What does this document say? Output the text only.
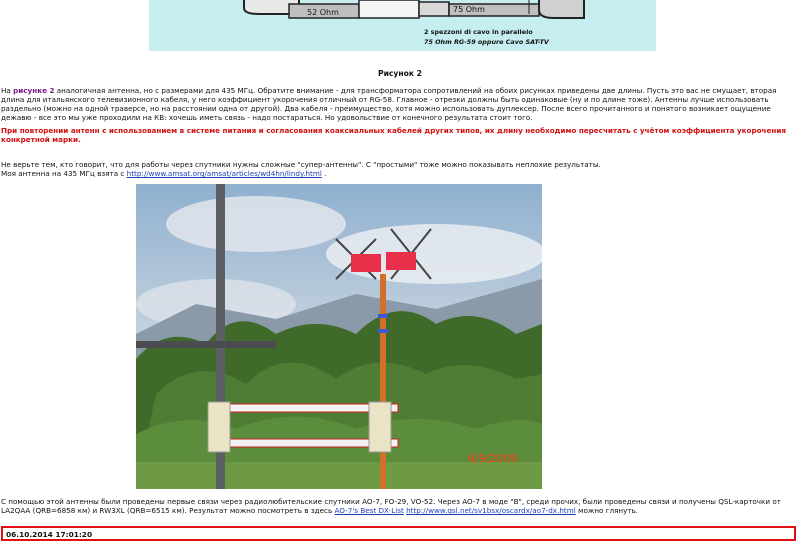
52 Ohm	75 Ohm
2 spezzoni di cavo in parallelo
75 Ohm RG-59 oppure Cavo SAT-TV
Рисунок 2

На рисунке 2 аналогичная антенна, но с размерами для 435 МГц. Обратите внимание - для трансформатора сопротивлений на обоих рисунках приведены две длины. Пусть это вас не смущает, вторая длина для итальянского телевизионного кабеля, у него коэффициент укорочения отличный от RG-58. Главное - отрезки должны быть одинаковые (ну и по длине тоже). Антенны лучше использовать раздельно (можно на одной траверсе, но на расстоянии одна от другой). Два кабеля - преимущество, хотя можно использовать дуплексер. После всего прочитанного и понятого возникает ощущение дежавю - все это мы уже проходили на КВ: хочешь иметь связь - надо постараться. Но удовольствие от конечного результата стоит того.

При повторении антенн с использованием в системе питания и согласования коаксиальных кабелей других типов, их длину необходимо пересчитать с учётом коэффициента укорочения конкретной марки.

Не верьте тем, кто говорит, что для работы через спутники нужны сложные "супер-антенны". С "простыми" тоже можно показывать неплохие результаты.
Моя антенна на 435 МГц взята с http://www.amsat.org/amsat/articles/wd4hn/lindy.html .

6/9/2009

С помощью этой антенны были проведены первые связи через радиолюбительские спутники AO-7, FO-29, VO-52. Через AO-7 в моде "B", среди прочих, были проведены связи и получены QSL-карточки от LA2QAA (QRB=6858 км) и RW3XL (QRB=6515 км). Результат можно посмотреть в здесь AO-7's Best DX-List http://www.qsl.net/sv1bsx/oscardx/ao7-dx.html можно глянуть.

06.10.2014 17:01:20
